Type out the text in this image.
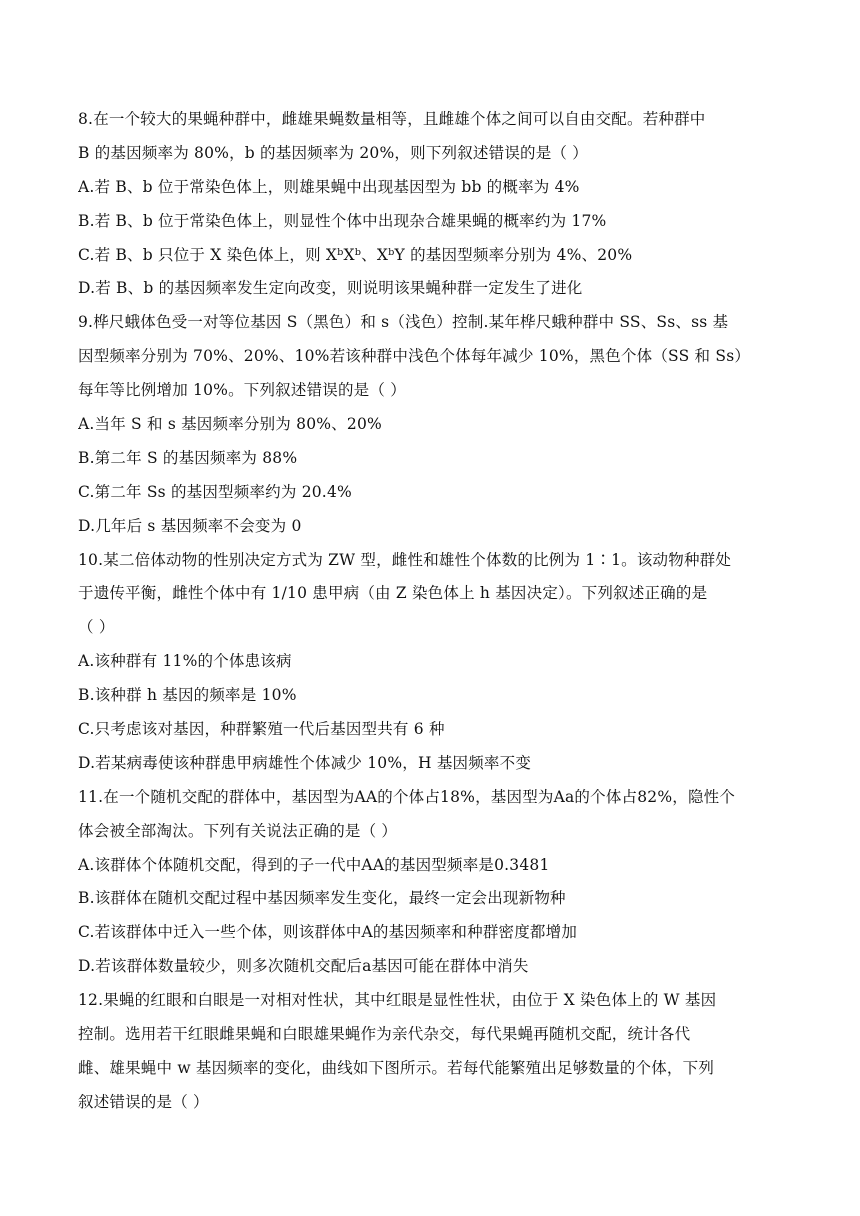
8.在一个较大的果蝇种群中，雌雄果蝇数量相等，且雌雄个体之间可以自由交配。若种群中
B 的基因频率为 80%，b 的基因频率为 20%，则下列叙述错误的是（ ）
A.若 B、b 位于常染色体上，则雄果蝇中出现基因型为 bb 的概率为 4%
B.若 B、b 位于常染色体上，则显性个体中出现杂合雄果蝇的概率约为 17%
C.若 B、b 只位于 X 染色体上，则 XᵇXᵇ、XᵇY 的基因型频率分别为 4%、20%
D.若 B、b 的基因频率发生定向改变，则说明该果蝇种群一定发生了进化
9.桦尺蛾体色受一对等位基因 S（黑色）和 s（浅色）控制.某年桦尺蛾种群中 SS、Ss、ss 基
因型频率分别为 70%、20%、10%若该种群中浅色个体每年减少 10%，黑色个体（SS 和 Ss）
每年等比例增加 10%。下列叙述错误的是（ ）
A.当年 S 和 s 基因频率分别为 80%、20%
B.第二年 S 的基因频率为 88%
C.第二年 Ss 的基因型频率约为 20.4%
D.几年后 s 基因频率不会变为 0
10.某二倍体动物的性别决定方式为 ZW 型，雌性和雄性个体数的比例为 1∶1。该动物种群处
于遗传平衡，雌性个体中有 1/10 患甲病（由 Z 染色体上 h 基因决定）。下列叙述正确的是
（ ）
A.该种群有 11%的个体患该病
B.该种群 h 基因的频率是 10%
C.只考虑该对基因，种群繁殖一代后基因型共有 6 种
D.若某病毒使该种群患甲病雄性个体减少 10%，H 基因频率不变
11.在一个随机交配的群体中，基因型为AA的个体占18%，基因型为Aa的个体占82%，隐性个
体会被全部淘汰。下列有关说法正确的是（ ）
A.该群体个体随机交配，得到的子一代中AA的基因型频率是0.3481
B.该群体在随机交配过程中基因频率发生变化，最终一定会出现新物种
C.若该群体中迁入一些个体，则该群体中A的基因频率和种群密度都增加
D.若该群体数量较少，则多次随机交配后a基因可能在群体中消失
12.果蝇的红眼和白眼是一对相对性状，其中红眼是显性性状，由位于 X 染色体上的 W 基因
控制。选用若干红眼雌果蝇和白眼雄果蝇作为亲代杂交，每代果蝇再随机交配，统计各代
雌、雄果蝇中 w 基因频率的变化，曲线如下图所示。若每代能繁殖出足够数量的个体，下列
叙述错误的是（ ）
